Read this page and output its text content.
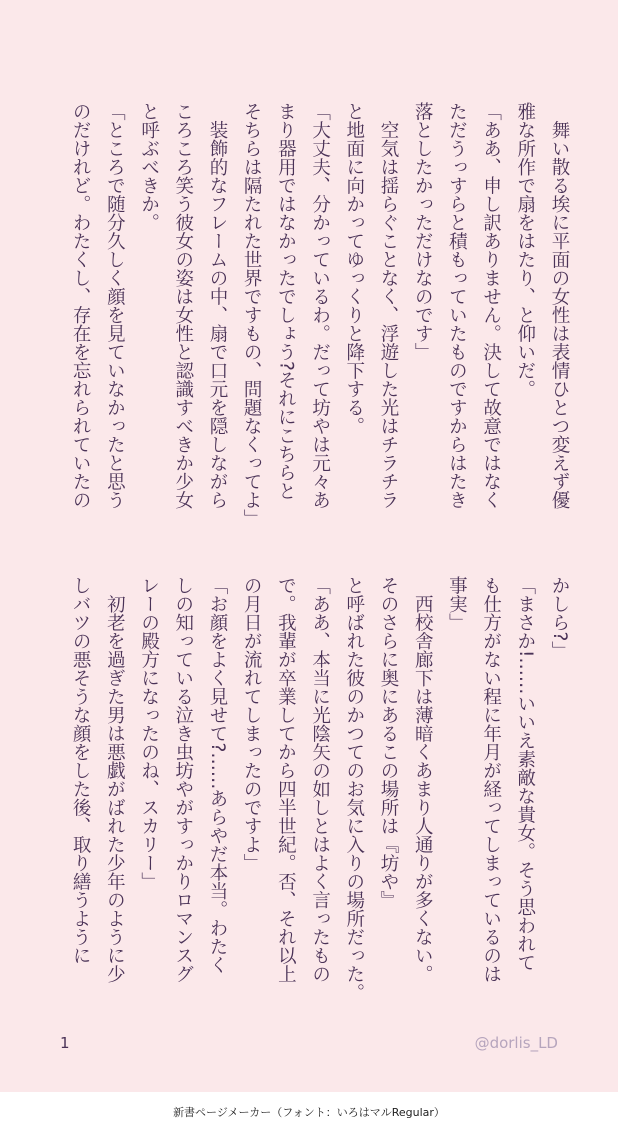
　舞い散る埃に平面の女性は表情ひとつ変えず優
雅な所作で扇をはたり、と仰いだ。
「ああ、申し訳ありません。決して故意ではなく
ただうっすらと積もっていたものですからはたき
落としたかっただけなのです」
　空気は揺らぐことなく、浮遊した光はチラチラ
と地面に向かってゆっくりと降下する。
「大丈夫、分かっているわ。だって坊やは元々あ
まり器用ではなかったでしょう?それにこちらと
そちらは隔たれた世界ですもの、問題なくってよ」
　装飾的なフレームの中、扇で口元を隠しながら
ころころ笑う彼女の姿は女性と認識すべきか少女
と呼ぶべきか。
「ところで随分久しく顔を見ていなかったと思う
のだけれど。わたくし、存在を忘れられていたの
かしら?」
「まさか!……いいえ素敵な貴女。そう思われて
も仕方がない程に年月が経ってしまっているのは
事実」
　西校舎廊下は薄暗くあまり人通りが多くない。
そのさらに奥にあるこの場所は『坊や』
と呼ばれた彼のかつてのお気に入りの場所だった。
「ああ、本当に光陰矢の如しとはよく言ったもの
で。我輩が卒業してから四半世紀。否、それ以上
の月日が流れてしまったのですよ」
「お顔をよく見せて?……あらやだ本当。わたく
しの知っている泣き虫坊やがすっかりロマンスグ
レーの殿方になったのね、スカリー」
　初老を過ぎた男は悪戯がばれた少年のように少
しバツの悪そうな顔をした後、取り繕うように
1	@dorlis_LD
新書ページメーカー（フォント：いろはマルRegular）
